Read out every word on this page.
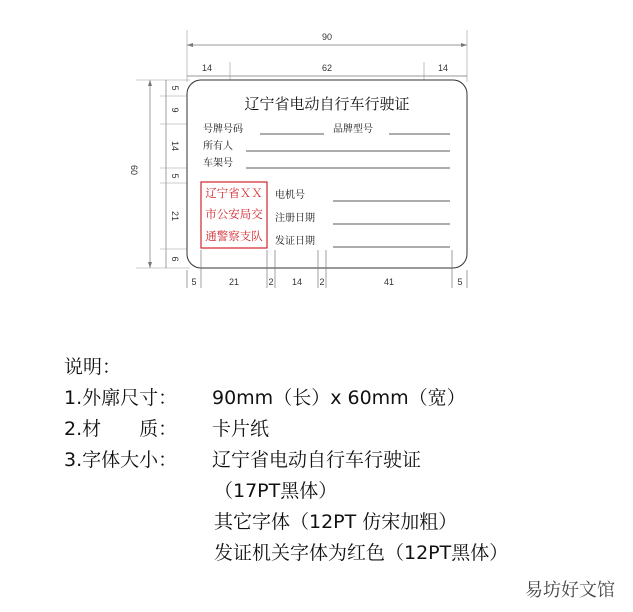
90
14	62	14
60
5
9
14
5
21
6
辽宁省电动自行车行驶证
号牌号码	品牌型号
所有人
车架号
辽宁省ＸＸ
市公安局交
通警察支队
电机号
注册日期
发证日期
5	21	2 14 2	41	5
说明：
1.外廓尺寸： 90mm（长）x 60mm（宽）
2.材　　质： 卡片纸
3.字体大小： 辽宁省电动自行车行驶证
（17PT黑体）
其它字体（12PT 仿宋加粗）
发证机关字体为红色（12PT黑体）
易坊好文馆
